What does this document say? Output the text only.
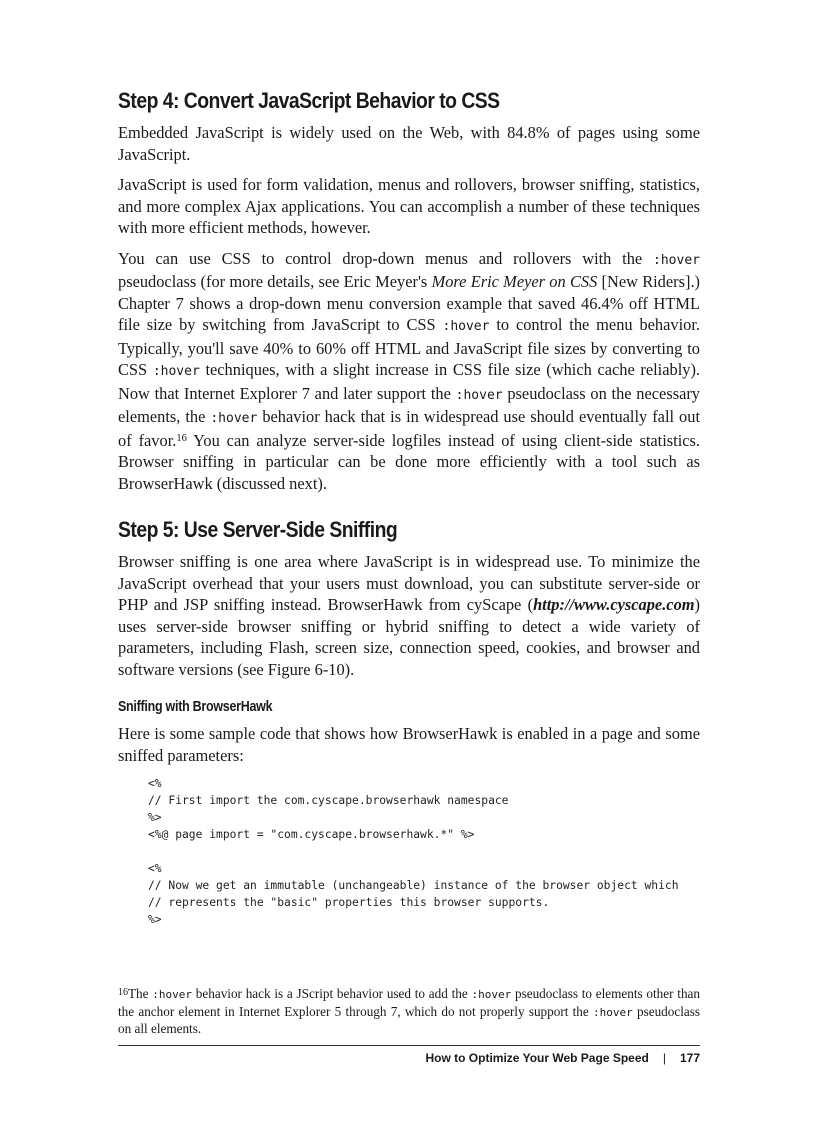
Step 4: Convert JavaScript Behavior to CSS

Embedded JavaScript is widely used on the Web, with 84.8% of pages using some JavaScript.

JavaScript is used for form validation, menus and rollovers, browser sniffing, statistics, and more complex Ajax applications. You can accomplish a number of these techniques with more efficient methods, however.

You can use CSS to control drop-down menus and rollovers with the :hover pseudoclass (for more details, see Eric Meyer's More Eric Meyer on CSS [New Riders].) Chapter 7 shows a drop-down menu conversion example that saved 46.4% off HTML file size by switching from JavaScript to CSS :hover to control the menu behavior. Typically, you'll save 40% to 60% off HTML and JavaScript file sizes by converting to CSS :hover techniques, with a slight increase in CSS file size (which cache reliably). Now that Internet Explorer 7 and later support the :hover pseudoclass on the necessary elements, the :hover behavior hack that is in widespread use should eventually fall out of favor.$^{16}$ You can analyze server-side logfiles instead of using client-side statistics. Browser sniffing in particular can be done more efficiently with a tool such as BrowserHawk (discussed next).

Step 5: Use Server-Side Sniffing

Browser sniffing is one area where JavaScript is in widespread use. To minimize the JavaScript overhead that your users must download, you can substitute server-side or PHP and JSP sniffing instead. BrowserHawk from cyScape (http://www.cyscape.com) uses server-side browser sniffing or hybrid sniffing to detect a wide variety of parameters, including Flash, screen size, connection speed, cookies, and browser and software versions (see Figure 6-10).

Sniffing with BrowserHawk

Here is some sample code that shows how BrowserHawk is enabled in a page and some sniffed parameters:

<%
// First import the com.cyscape.browserhawk namespace
%>
<%@ page import = "com.cyscape.browserhawk.*" %>
<%
// Now we get an immutable (unchangeable) instance of the browser object which
// represents the "basic" properties this browser supports.
%>
$^{16}$The :hover behavior hack is a JScript behavior used to add the :hover pseudoclass to elements other than the anchor element in Internet Explorer 5 through 7, which do not properly support the :hover pseudoclass on all elements.
How to Optimize Your Web Page Speed | 177
